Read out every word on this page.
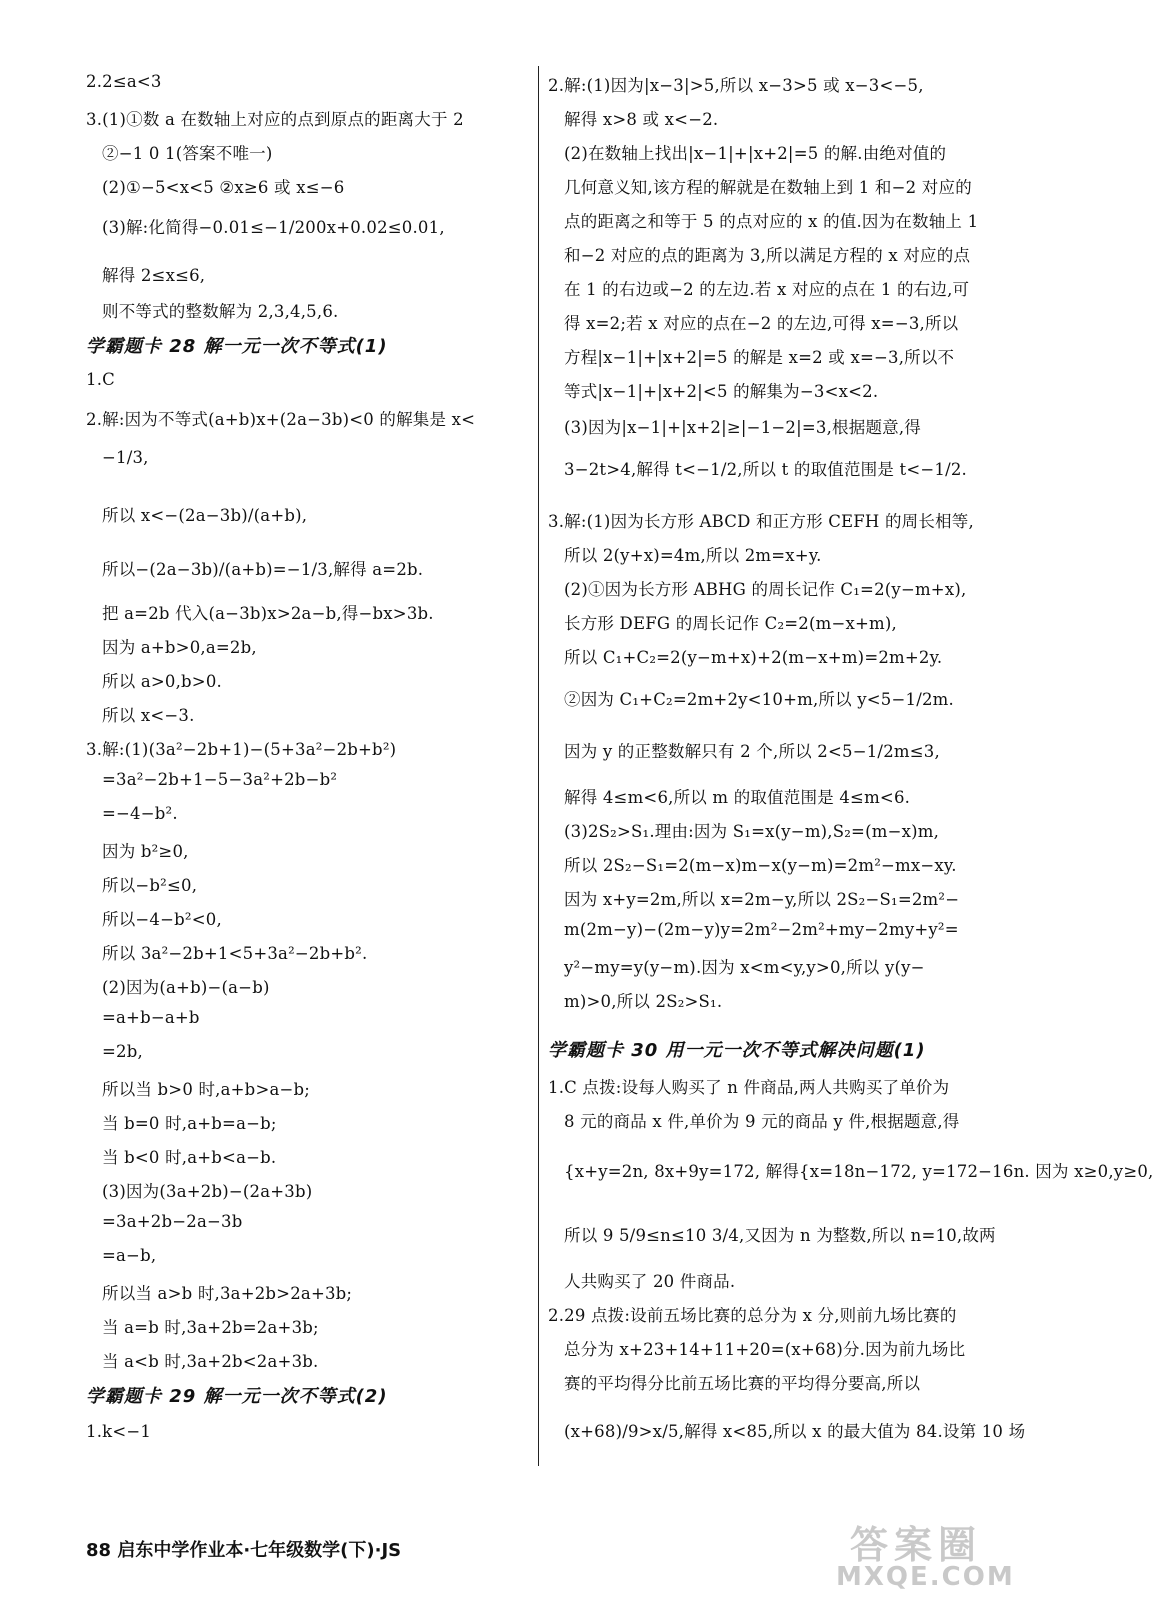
2.2≤a<3
3.(1)①数 a 在数轴上对应的点到原点的距离大于 2
②−1 0 1(答案不唯一)
(2)①−5<x<5 ②x≥6 或 x≤−6
(3)解:化简得−0.01≤−1/200x+0.02≤0.01,
解得 2≤x≤6,
则不等式的整数解为 2,3,4,5,6.
学霸题卡 28 解一元一次不等式(1)
1.C
2.解:因为不等式(a+b)x+(2a−3b)<0 的解集是 x<
−1/3,
所以 x<−(2a−3b)/(a+b),
所以−(2a−3b)/(a+b)=−1/3,解得 a=2b.
把 a=2b 代入(a−3b)x>2a−b,得−bx>3b.
因为 a+b>0,a=2b,
所以 a>0,b>0.
所以 x<−3.
3.解:(1)(3a²−2b+1)−(5+3a²−2b+b²)
=3a²−2b+1−5−3a²+2b−b²
=−4−b².
因为 b²≥0,
所以−b²≤0,
所以−4−b²<0,
所以 3a²−2b+1<5+3a²−2b+b².
(2)因为(a+b)−(a−b)
=a+b−a+b
=2b,
所以当 b>0 时,a+b>a−b;
当 b=0 时,a+b=a−b;
当 b<0 时,a+b<a−b.
(3)因为(3a+2b)−(2a+3b)
=3a+2b−2a−3b
=a−b,
所以当 a>b 时,3a+2b>2a+3b;
当 a=b 时,3a+2b=2a+3b;
当 a<b 时,3a+2b<2a+3b.
学霸题卡 29 解一元一次不等式(2)
1.k<−1
2.解:(1)因为|x−3|>5,所以 x−3>5 或 x−3<−5,
解得 x>8 或 x<−2.
(2)在数轴上找出|x−1|+|x+2|=5 的解.由绝对值的
几何意义知,该方程的解就是在数轴上到 1 和−2 对应的
点的距离之和等于 5 的点对应的 x 的值.因为在数轴上 1
和−2 对应的点的距离为 3,所以满足方程的 x 对应的点
在 1 的右边或−2 的左边.若 x 对应的点在 1 的右边,可
得 x=2;若 x 对应的点在−2 的左边,可得 x=−3,所以
方程|x−1|+|x+2|=5 的解是 x=2 或 x=−3,所以不
等式|x−1|+|x+2|<5 的解集为−3<x<2.
(3)因为|x−1|+|x+2|≥|−1−2|=3,根据题意,得
3−2t>4,解得 t<−1/2,所以 t 的取值范围是 t<−1/2.
3.解:(1)因为长方形 ABCD 和正方形 CEFH 的周长相等,
所以 2(y+x)=4m,所以 2m=x+y.
(2)①因为长方形 ABHG 的周长记作 C₁=2(y−m+x),
长方形 DEFG 的周长记作 C₂=2(m−x+m),
所以 C₁+C₂=2(y−m+x)+2(m−x+m)=2m+2y.
②因为 C₁+C₂=2m+2y<10+m,所以 y<5−1/2m.
因为 y 的正整数解只有 2 个,所以 2<5−1/2m≤3,
解得 4≤m<6,所以 m 的取值范围是 4≤m<6.
(3)2S₂>S₁.理由:因为 S₁=x(y−m),S₂=(m−x)m,
所以 2S₂−S₁=2(m−x)m−x(y−m)=2m²−mx−xy.
因为 x+y=2m,所以 x=2m−y,所以 2S₂−S₁=2m²−
m(2m−y)−(2m−y)y=2m²−2m²+my−2my+y²=
y²−my=y(y−m).因为 x<m<y,y>0,所以 y(y−
m)>0,所以 2S₂>S₁.
学霸题卡 30 用一元一次不等式解决问题(1)
1.C 点拨:设每人购买了 n 件商品,两人共购买了单价为
8 元的商品 x 件,单价为 9 元的商品 y 件,根据题意,得
{x+y=2n, 8x+9y=172, 解得{x=18n−172, y=172−16n. 因为 x≥0,y≥0,
所以 9 5/9≤n≤10 3/4,又因为 n 为整数,所以 n=10,故两
人共购买了 20 件商品.
2.29 点拨:设前五场比赛的总分为 x 分,则前九场比赛的
总分为 x+23+14+11+20=(x+68)分.因为前九场比
赛的平均得分比前五场比赛的平均得分要高,所以
(x+68)/9>x/5,解得 x<85,所以 x 的最大值为 84.设第 10 场
88 启东中学作业本·七年级数学(下)·JS	答案圈
MXQE.COM
